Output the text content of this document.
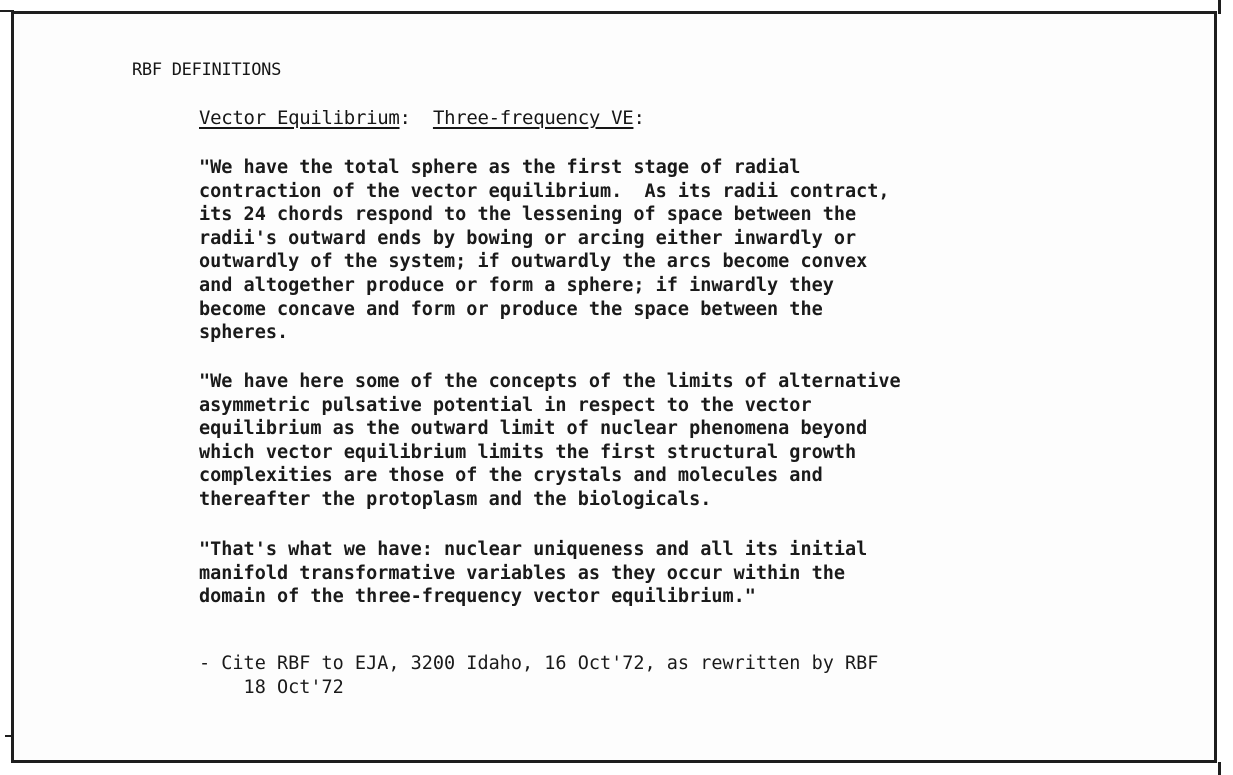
RBF DEFINITIONS
Vector Equilibrium:  Three-frequency VE:
"We have the total sphere as the first stage of radial
contraction of the vector equilibrium.  As its radii contract,
its 24 chords respond to the lessening of space between the
radii's outward ends by bowing or arcing either inwardly or
outwardly of the system; if outwardly the arcs become convex
and altogether produce or form a sphere; if inwardly they
become concave and form or produce the space between the
spheres.
"We have here some of the concepts of the limits of alternative
asymmetric pulsative potential in respect to the vector
equilibrium as the outward limit of nuclear phenomena beyond
which vector equilibrium limits the first structural growth
complexities are those of the crystals and molecules and
thereafter the protoplasm and the biologicals.
"That's what we have: nuclear uniqueness and all its initial
manifold transformative variables as they occur within the
domain of the three-frequency vector equilibrium."
- Cite RBF to EJA, 3200 Idaho, 16 Oct'72, as rewritten by RBF
18 Oct'72
